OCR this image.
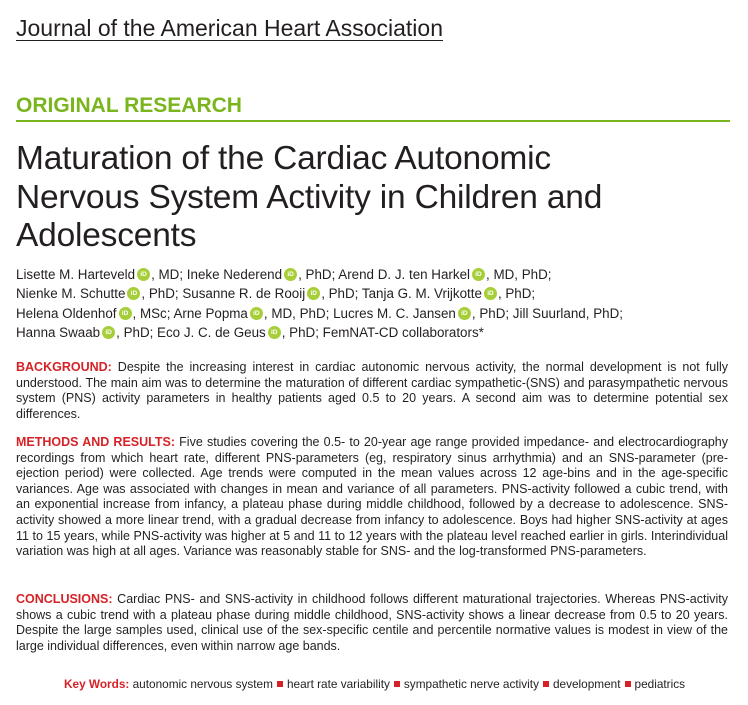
Journal of the American Heart Association
ORIGINAL RESEARCH
Maturation of the Cardiac Autonomic
Nervous System Activity in Children and
Adolescents
Lisette M. Harteveld iD , MD; Ineke Nederend iD , PhD; Arend D. J. ten Harkel iD , MD, PhD;
Nienke M. Schutte iD , PhD; Susanne R. de Rooij iD , PhD; Tanja G. M. Vrijkotte iD , PhD;
Helena Oldenhof iD , MSc; Arne Popma iD , MD, PhD; Lucres M. C. Jansen iD , PhD; Jill Suurland, PhD;
Hanna Swaab iD , PhD; Eco J. C. de Geus iD , PhD; FemNAT-CD collaborators*

BACKGROUND: Despite the increasing interest in cardiac autonomic nervous activity, the normal development is not fully understood. The main aim was to determine the maturation of different cardiac sympathetic-(SNS) and parasympathetic nervous system (PNS) activity parameters in healthy patients aged 0.5 to 20 years. A second aim was to determine potential sex differences.

METHODS AND RESULTS: Five studies covering the 0.5- to 20-year age range provided impedance- and electrocardiography recordings from which heart rate, different PNS-parameters (eg, respiratory sinus arrhythmia) and an SNS-parameter (pre-ejection period) were collected. Age trends were computed in the mean values across 12 age-bins and in the age-specific variances. Age was associated with changes in mean and variance of all parameters. PNS-activity followed a cubic trend, with an exponential increase from infancy, a plateau phase during middle childhood, followed by a decrease to adolescence. SNS-activity showed a more linear trend, with a gradual decrease from infancy to adolescence. Boys had higher SNS-activity at ages 11 to 15 years, while PNS-activity was higher at 5 and 11 to 12 years with the plateau level reached earlier in girls. Interindividual variation was high at all ages. Variance was reasonably stable for SNS- and the log-transformed PNS-parameters.

CONCLUSIONS: Cardiac PNS- and SNS-activity in childhood follows different maturational trajectories. Whereas PNS-activity shows a cubic trend with a plateau phase during middle childhood, SNS-activity shows a linear decrease from 0.5 to 20 years. Despite the large samples used, clinical use of the sex-specific centile and percentile normative values is modest in view of the large individual differences, even within narrow age bands.

Key Words: autonomic nervous system heart rate variability sympathetic nerve activity development pediatrics
